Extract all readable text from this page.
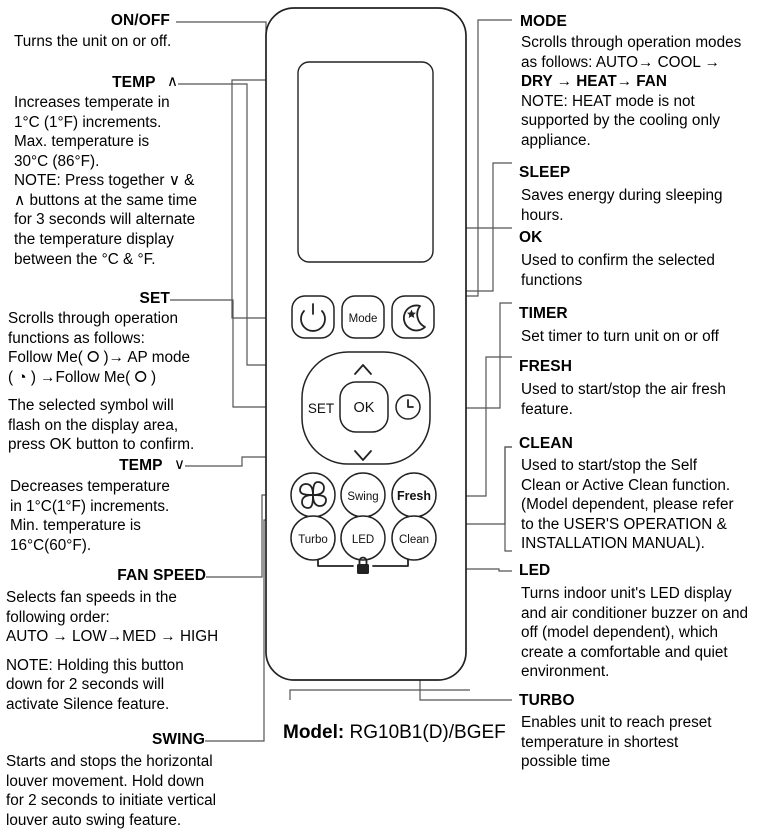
Mode
SET OK
Swing Fresh
Turbo LED Clean
ON/OFF

Turns the unit on or off.

TEMP ∧

Increases temperate in

1°C (1°F) increments.

Max. temperature is

30°C (86°F).

NOTE: Press together ∨ &

∧ buttons at the same time

for 3 seconds will alternate

the temperature display

between the °C & °F.

SET

Scrolls through operation

functions as follows:

Follow Me( ⭘ )→ AP mode

( ◔ ) →Follow Me( ⭘ )

The selected symbol will

flash on the display area,

press OK button to confirm.

TEMP ∨

Decreases temperature

in 1°C(1°F) increments.

Min. temperature is

16°C(60°F).

FAN SPEED

Selects fan speeds in the

following order:

AUTO → LOW→MED → HIGH

NOTE: Holding this button

down for 2 seconds will

activate Silence feature.

SWING

Starts and stops the horizontal

louver movement. Hold down

for 2 seconds to initiate vertical

louver auto swing feature.

MODE

Scrolls through operation modes

as follows: AUTO→ COOL →

DRY → HEAT→ FAN

NOTE: HEAT mode is not

supported by the cooling only

appliance.

SLEEP

Saves energy during sleeping

hours.

OK

Used to confirm the selected

functions

TIMER

Set timer to turn unit on or off

FRESH

Used to start/stop the air fresh

feature.

CLEAN

Used to start/stop the Self

Clean or Active Clean function.

(Model dependent, please refer

to the USER'S OPERATION &

INSTALLATION MANUAL).

LED

Turns indoor unit's LED display

and air conditioner buzzer on and

off (model dependent), which

create a comfortable and quiet

environment.

TURBO

Enables unit to reach preset

temperature in shortest

possible time

Model: RG10B1(D)/BGEF
